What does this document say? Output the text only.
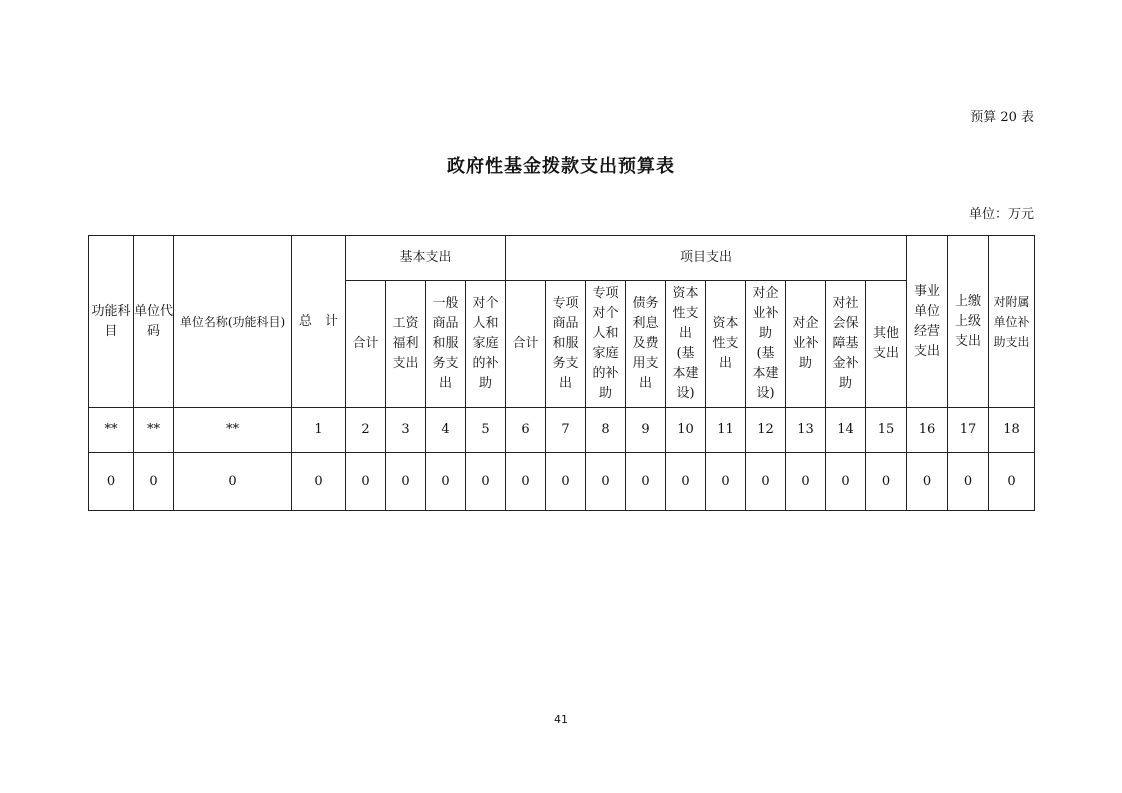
预算 20 表
政府性基金拨款支出预算表
单位：万元
功能科目	单位代码	单位名称(功能科目)	总　计	基本支出				项目支出										事业单位经营支出	上缴上级支出	对附属单位补助支出
				合计	工资福利支出	一般商品和服务支出	对个人和家庭的补助	合计	专项商品和服务支出	专项对个人和家庭的补助	债务利息及费用支出	资本性支出(基本建设)	资本性支出	对企业补助(基本建设)	对企业补助	对社会保障基金补助	其他支出			
**	**	**	1	2	3	4	5	6	7	8	9	10	11	12	13	14	15	16	17	18
0	0	0	0	0	0	0	0	0	0	0	0	0	0	0	0	0	0	0	0	0
41
